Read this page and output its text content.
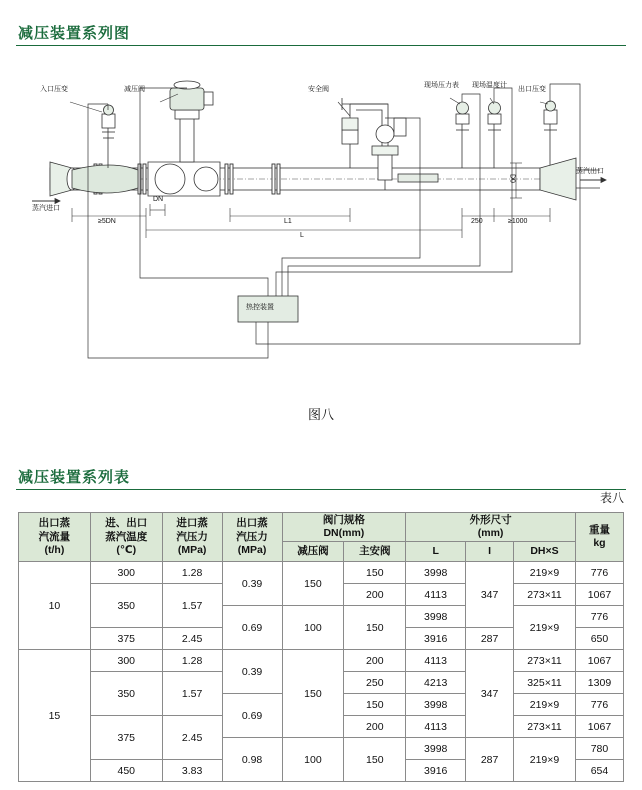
减压装置系列图
入口压变	减压阀	安全阀
现场压力表 现场温度计
出口压变
蒸汽进口
蒸汽出口
热控装置
DN
≥5DN	L1
L
250	≥1000
D0
图八
减压装置系列表
表八
出口蒸
汽流量
(t/h)

进、出口
蒸汽温度
(℃)

进口蒸
汽压力
(MPa)

出口蒸
汽压力
(MPa)

阀门规格
DN(mm)

外形尺寸
(mm)	重量
kg

				减压阀	主安阀	L	I	DH×S	
10	300	1.28	0.39	150	150	3998	347	219×9	776
	350	1.57			200	4113		273×11	1067
			0.69	100	150	3998		219×9	776
	375	2.45				3916	287		650
15	300	1.28	0.39	150	200	4113	347	273×11	1067
	350	1.57			250	4213		325×11	1309
			0.69		150	3998		219×9	776
	375	2.45			200	4113		273×11	1067
			0.98	100	150	3998	287	219×9	780
	450	3.83				3916			654
